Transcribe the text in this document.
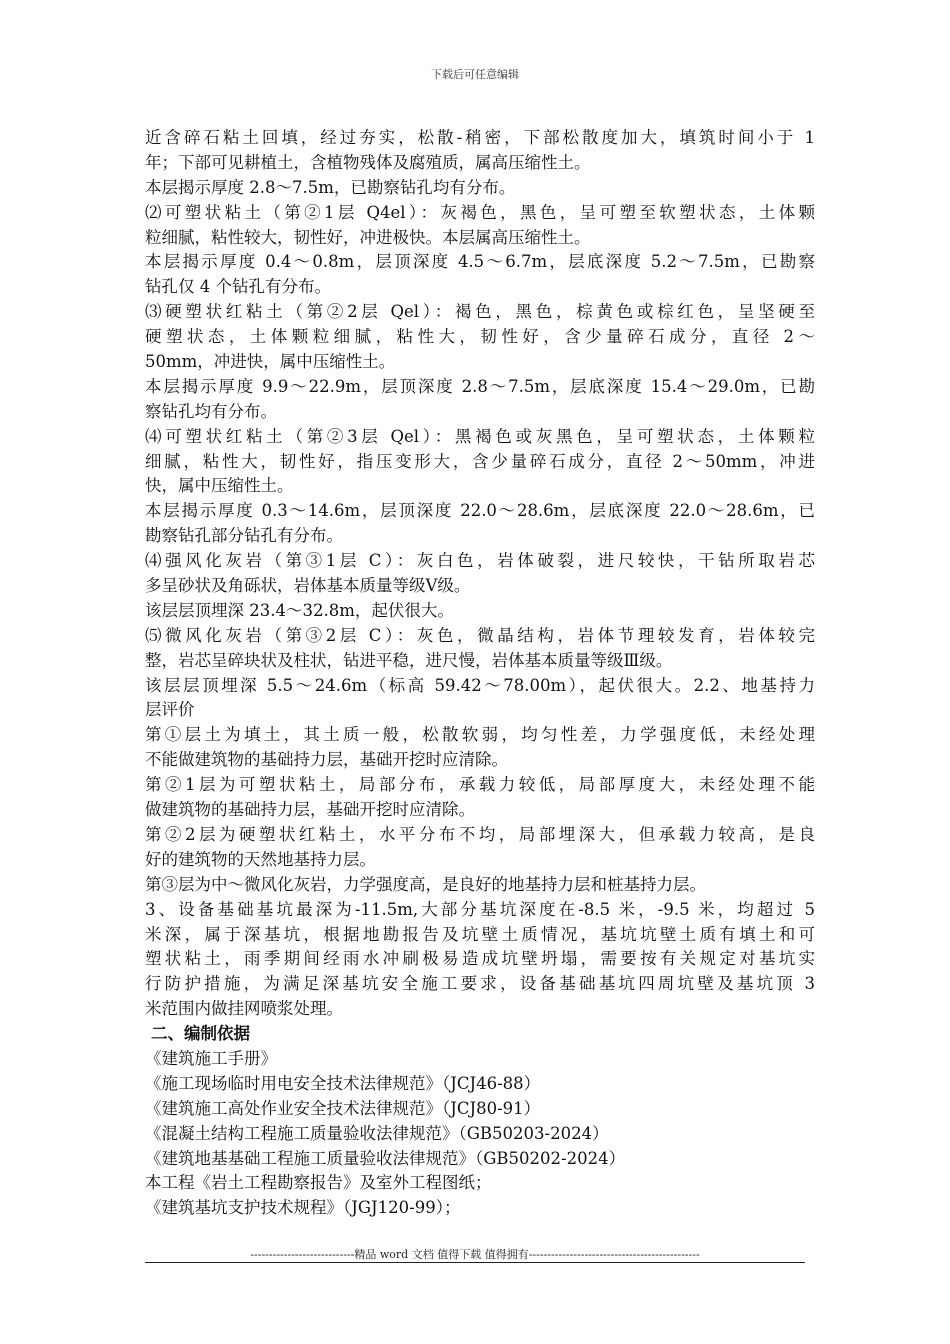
下载后可任意编辑
近含碎石粘土回填，经过夯实，松散-稍密，下部松散度加大，填筑时间小于 1
年；下部可见耕植土，含植物残体及腐殖质，属高压缩性土。
本层揭示厚度 2.8～7.5m，已勘察钻孔均有分布。
⑵可塑状粘土（第②1层 Q4el）：灰褐色，黑色，呈可塑至软塑状态，土体颗
粒细腻，粘性较大，韧性好，冲进极快。本层属高压缩性土。
本层揭示厚度 0.4～0.8m，层顶深度 4.5～6.7m，层底深度 5.2～7.5m，已勘察
钻孔仅 4 个钻孔有分布。
⑶硬塑状红粘土（第②2层 Qel）：褐色，黑色，棕黄色或棕红色，呈坚硬至
硬塑状态，土体颗粒细腻，粘性大，韧性好，含少量碎石成分，直径 2～
50mm，冲进快，属中压缩性土。
本层揭示厚度 9.9～22.9m，层顶深度 2.8～7.5m，层底深度 15.4～29.0m，已勘
察钻孔均有分布。
⑷可塑状红粘土（第②3层 Qel）：黑褐色或灰黑色，呈可塑状态，土体颗粒
细腻，粘性大，韧性好，指压变形大，含少量碎石成分，直径 2～50mm，冲进
快，属中压缩性土。
本层揭示厚度 0.3～14.6m，层顶深度 22.0～28.6m，层底深度 22.0～28.6m，已
勘察钻孔部分钻孔有分布。
⑷强风化灰岩（第③1层 C）：灰白色，岩体破裂，进尺较快，干钻所取岩芯
多呈砂状及角砾状，岩体基本质量等级Ⅴ级。
该层层顶埋深 23.4～32.8m，起伏很大。
⑸微风化灰岩（第③2层 C）：灰色，微晶结构，岩体节理较发育，岩体较完
整，岩芯呈碎块状及柱状，钻进平稳，进尺慢，岩体基本质量等级Ⅲ级。
该层层顶埋深 5.5～24.6m（标高 59.42～78.00m），起伏很大。2.2、地基持力
层评价
第①层土为填土，其土质一般，松散软弱，均匀性差，力学强度低，未经处理
不能做建筑物的基础持力层，基础开挖时应清除。
第②1层为可塑状粘土，局部分布，承载力较低，局部厚度大，未经处理不能
做建筑物的基础持力层，基础开挖时应清除。
第②2层为硬塑状红粘土，水平分布不均，局部埋深大，但承载力较高，是良
好的建筑物的天然地基持力层。
第③层为中～微风化灰岩，力学强度高，是良好的地基持力层和桩基持力层。
3、设备基础基坑最深为-11.5m,大部分基坑深度在-8.5 米，-9.5 米，均超过 5
米深，属于深基坑，根据地勘报告及坑壁土质情况，基坑坑壁土质有填土和可
塑状粘土，雨季期间经雨水冲刷极易造成坑壁坍塌，需要按有关规定对基坑实
行防护措施，为满足深基坑安全施工要求，设备基础基坑四周坑壁及基坑顶 3
米范围内做挂网喷浆处理。
二、编制依据
《建筑施工手册》
《施工现场临时用电安全技术法律规范》（JCJ46-88）
《建筑施工高处作业安全技术法律规范》（JCJ80-91）
《混凝土结构工程施工质量验收法律规范》（GB50203-2024）
《建筑地基基础工程施工质量验收法律规范》（GB50202-2024）
本工程《岩土工程勘察报告》及室外工程图纸；
《建筑基坑支护技术规程》（JGJ120-99）；
----------------------------精品 word 文档 值得下载 值得拥有----------------------------------------------
